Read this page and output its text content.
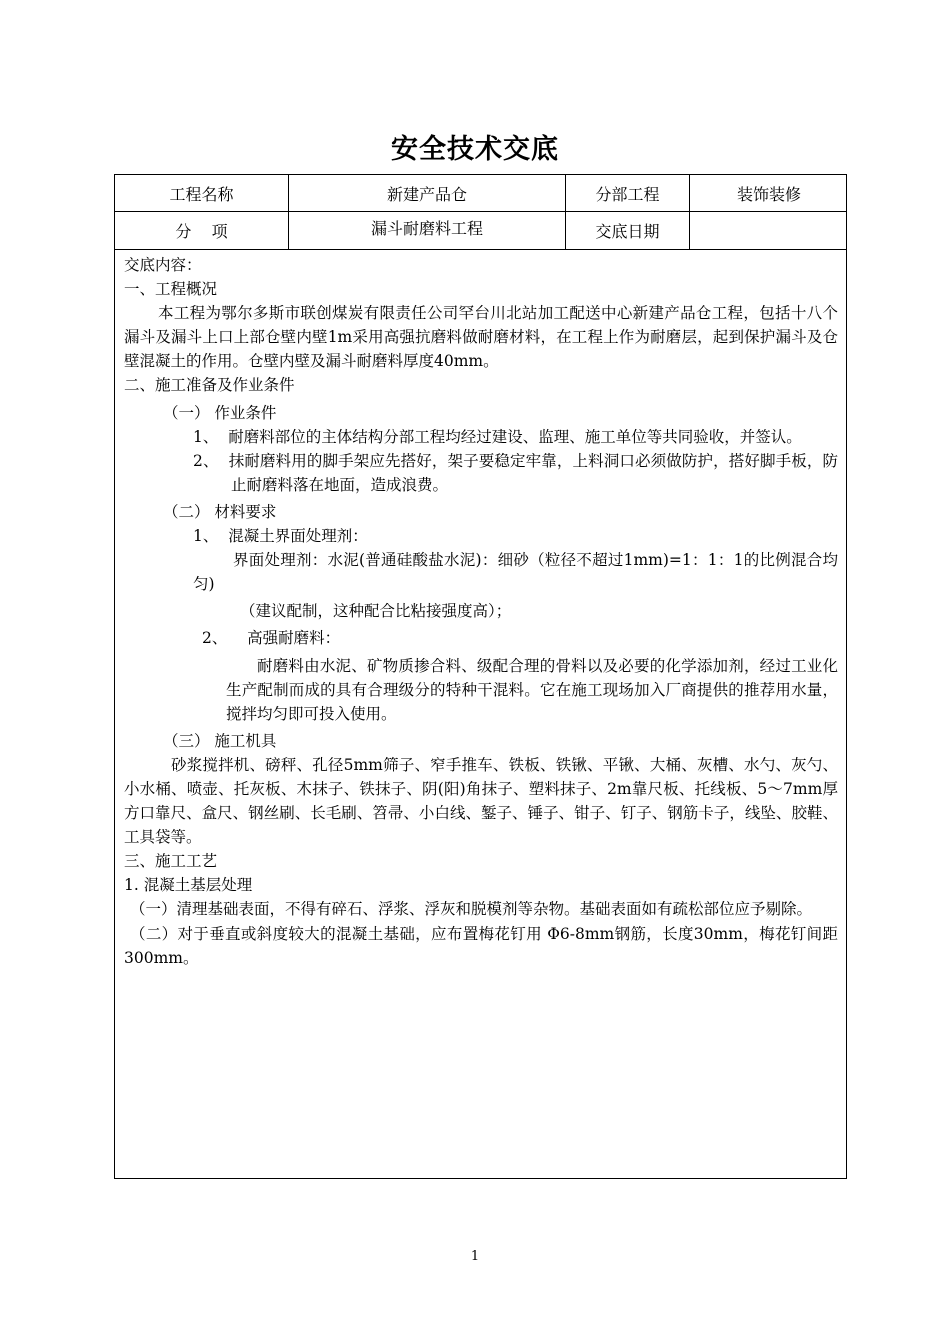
安全技术交底
工程名称	新建产品仓	分部工程	装饰装修
分    项	漏斗耐磨料工程	交底日期

交底内容：

一、工程概况

本工程为鄂尔多斯市联创煤炭有限责任公司罕台川北站加工配送中心新建产品仓工程，包括十八个漏斗及漏斗上口上部仓壁内壁1m采用高强抗磨料做耐磨材料，在工程上作为耐磨层，起到保护漏斗及仓壁混凝土的作用。仓壁内壁及漏斗耐磨料厚度40mm。

二、施工准备及作业条件

（一） 作业条件

1、  耐磨料部位的主体结构分部工程均经过建设、监理、施工单位等共同验收，并签认。

2、  抹耐磨料用的脚手架应先搭好，架子要稳定牢靠，上料洞口必须做防护，搭好脚手板，防止耐磨料落在地面，造成浪费。

（二） 材料要求

1、  混凝土界面处理剂：

界面处理剂：水泥(普通硅酸盐水泥)：细砂（粒径不超过1mm)=1：1：1的比例混合均匀)

（建议配制，这种配合比粘接强度高）；

2、    高强耐磨料：

耐磨料由水泥、矿物质掺合料、级配合理的骨料以及必要的化学添加剂，经过工业化生产配制而成的具有合理级分的特种干混料。它在施工现场加入厂商提供的推荐用水量，搅拌均匀即可投入使用。

（三） 施工机具

砂浆搅拌机、磅秤、孔径5mm筛子、窄手推车、铁板、铁锹、平锹、大桶、灰槽、水勺、灰勺、小水桶、喷壶、托灰板、木抹子、铁抹子、阴(阳)角抹子、塑料抹子、2m靠尺板、托线板、5～7mm厚方口靠尺、盒尺、钢丝刷、长毛刷、笤帚、小白线、錾子、锤子、钳子、钉子、钢筋卡子，线坠、胶鞋、工具袋等。

三、施工工艺

1. 混凝土基层处理

（一）清理基础表面，不得有碎石、浮浆、浮灰和脱模剂等杂物。基础表面如有疏松部位应予剔除。

（二）对于垂直或斜度较大的混凝土基础，应布置梅花钉用 Φ6-8mm钢筋，长度30mm，梅花钉间距300mm。

1
